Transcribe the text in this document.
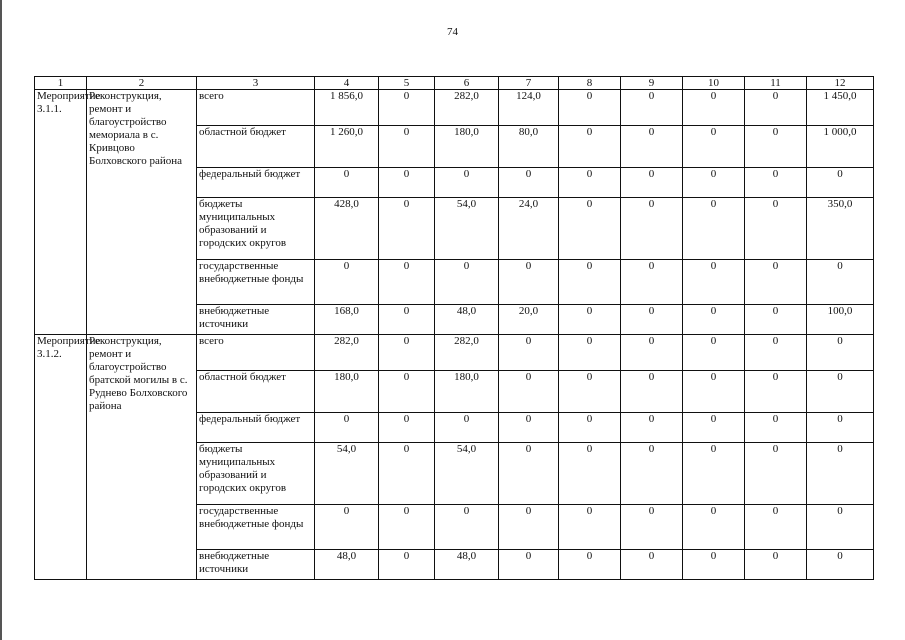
74
1	2	3	4	5	6	7	8	9	10	11	12
Мероприятие 3.1.1.	Реконструкция, ремонт и благоустройство мемориала в с. Кривцово Болховского района	всего	1 856,0	0	282,0	124,0	0	0	0	0	1 450,0
		областной бюджет	1 260,0	0	180,0	80,0	0	0	0	0	1 000,0
		федеральный бюджет	0	0	0	0	0	0	0	0	0
		бюджеты муниципальных образований и городских округов	428,0	0	54,0	24,0	0	0	0	0	350,0
		государственные внебюджетные фонды	0	0	0	0	0	0	0	0	0
		внебюджетные источники	168,0	0	48,0	20,0	0	0	0	0	100,0
Мероприятие 3.1.2.	Реконструкция, ремонт и благоустройство братской могилы в с. Руднево Болховского района	всего	282,0	0	282,0	0	0	0	0	0	0
		областной бюджет	180,0	0	180,0	0	0	0	0	0	0
		федеральный бюджет	0	0	0	0	0	0	0	0	0
		бюджеты муниципальных образований и городских округов	54,0	0	54,0	0	0	0	0	0	0
		государственные внебюджетные фонды	0	0	0	0	0	0	0	0	0
		внебюджетные источники	48,0	0	48,0	0	0	0	0	0	0
